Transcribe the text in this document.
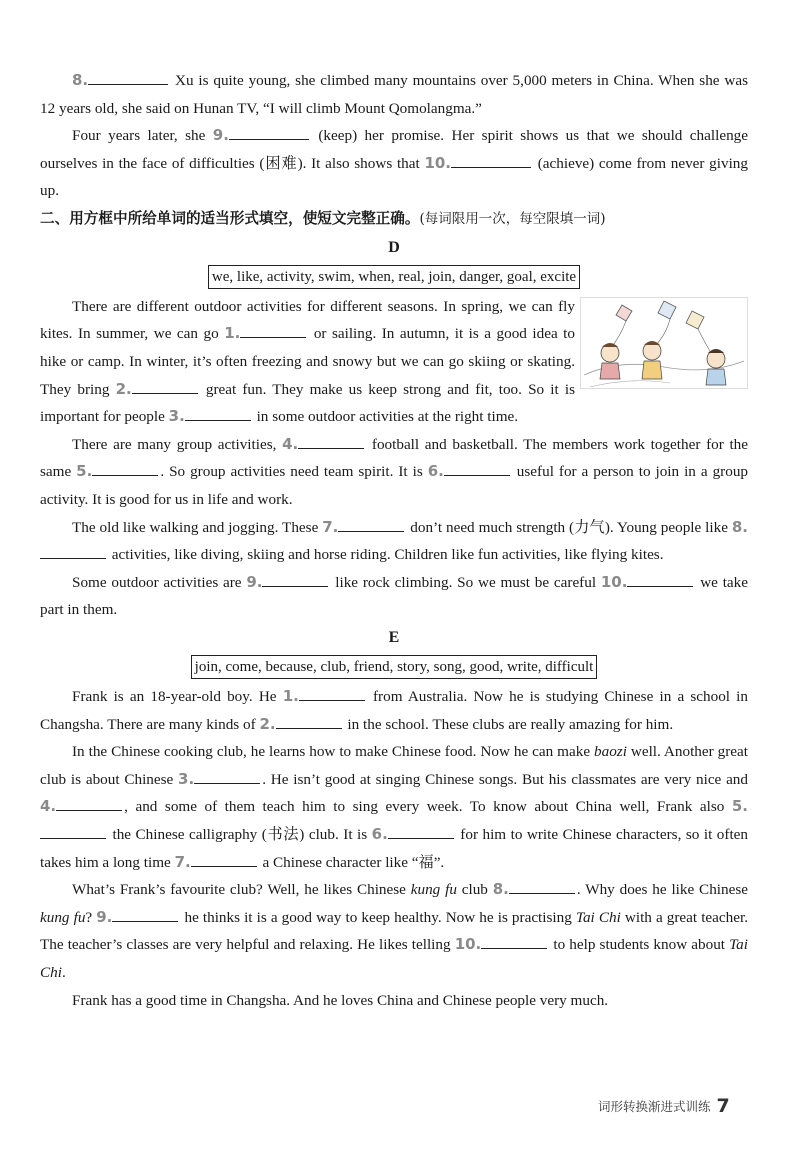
8.	Xu is quite young, she climbed many mountains over 5,000 meters in China. When she was 12 years old, she said on Hunan TV, “I will climb Mount Qomolangma.”

Four years later, she 9.	(keep) her promise. Her spirit shows us that we should challenge ourselves in the face of difficulties (困难). It also shows that 10.	(achieve) come from never giving up.

二、用方框中所给单词的适当形式填空，使短文完整正确。(每词限用一次，每空限填一词)

D

we, like, activity, swim, when, real, join, danger, goal, excite

There are different outdoor activities for different seasons. In spring, we can fly kites. In summer, we can go 1.	or sailing. In autumn, it is a good idea to hike or camp. In winter, it’s often freezing and snowy but we can go skiing or skating. They bring 2.	great fun. They make us keep strong and fit, too. So it is important for people 3.	in some outdoor activities at the right time.

There are many group activities, 4.	football and basketball. The members work together for the same 5.	. So group activities need team spirit. It is 6.	useful for a person to join in a group activity. It is good for us in life and work.

The old like walking and jogging. These 7.	don’t need much strength (力气). Young people like 8. activities, like diving, skiing and horse riding. Children like fun activities, like flying kites.

Some outdoor activities are 9.	like rock climbing. So we must be careful 10.	we take part in them.

E

join, come, because, club, friend, story, song, good, write, difficult

Frank is an 18-year-old boy. He 1.	from Australia. Now he is studying Chinese in a school in Changsha. There are many kinds of 2.	in the school. These clubs are really amazing for him.

In the Chinese cooking club, he learns how to make Chinese food. Now he can make baozi well. Another great club is about Chinese 3.	. He isn’t good at singing Chinese songs. But his classmates are very nice and 4.	, and some of them teach him to sing every week. To know about China well, Frank also 5. the Chinese calligraphy (书法) club. It is 6.	for him to write Chinese characters, so it often takes him a long time 7.	a Chinese character like “福”.

What’s Frank’s favourite club? Well, he likes Chinese kung fu club 8.	. Why does he like Chinese kung fu? 9.	he thinks it is a good way to keep healthy. Now he is practising Tai Chi with a great teacher. The teacher’s classes are very helpful and relaxing. He likes telling 10.	to help students know about Tai Chi.

Frank has a good time in Changsha. And he loves China and Chinese people very much.

词形转换渐进式训练 7
